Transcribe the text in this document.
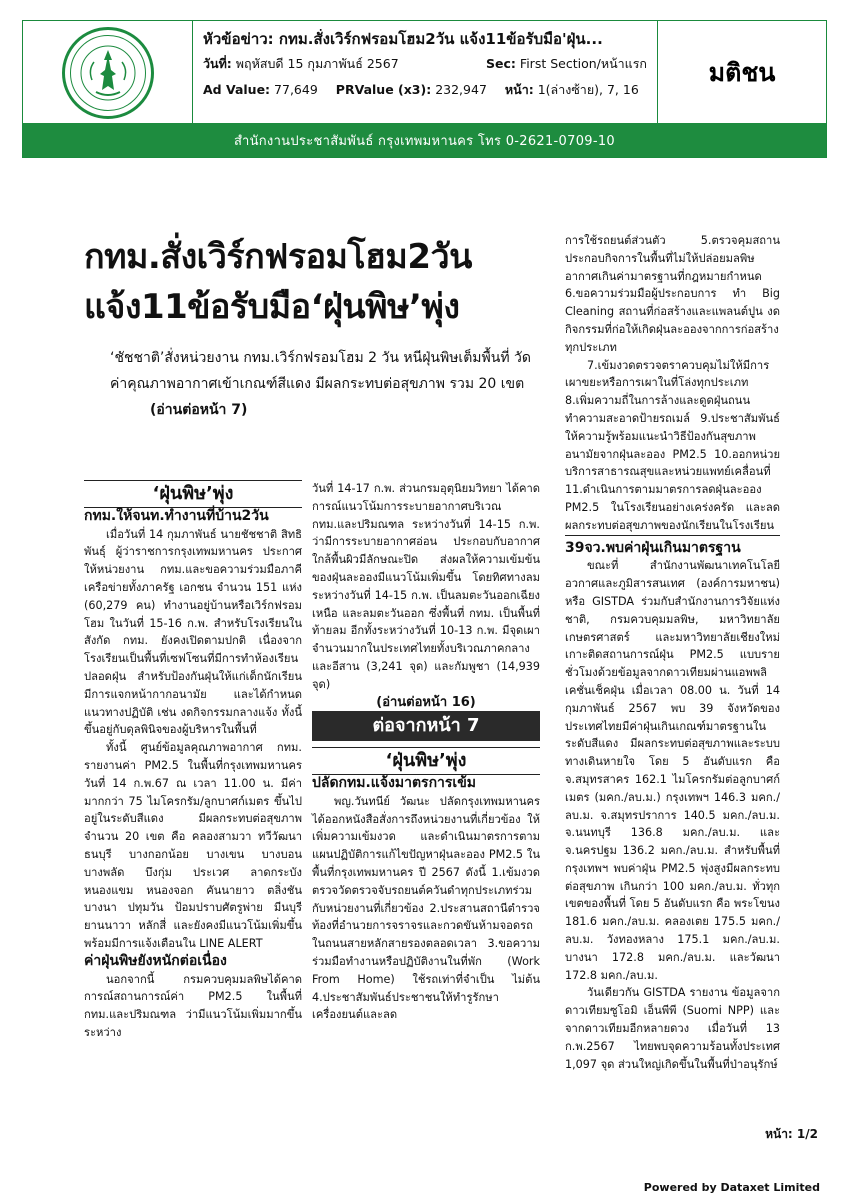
หัวข้อข่าว: กทม.สั่งเวิร์กฟรอมโฮม2วัน แจ้ง11ข้อรับมือ'ฝุ่น...
วันที่: พฤหัสบดี 15 กุมภาพันธ์ 2567	Sec: First Section/หน้าแรก
Ad Value: 77,649 PRValue (x3): 232,947 หน้า: 1(ล่างซ้าย), 7, 16
มติชน
สำนักงานประชาสัมพันธ์ กรุงเทพมหานคร โทร 0-2621-0709-10
กทม.สั่งเวิร์กฟรอมโฮม2วัน
แจ้ง11ข้อรับมือ‘ฝุ่นพิษ’พุ่ง
‘ชัชชาติ’สั่งหน่วยงาน กทม.เวิร์กฟรอมโฮม 2 วัน หนีฝุ่นพิษเต็มพื้นที่ วัดค่าคุณภาพอากาศเข้าเกณฑ์สีแดง มีผลกระทบต่อสุขภาพ รวม 20 เขต (อ่านต่อหน้า 7)
‘ฝุ่นพิษ’พุ่ง

กทม.ให้จนท.ทำงานที่บ้าน2วัน

เมื่อวันที่ 14 กุมภาพันธ์ นายชัชชาติ สิทธิพันธุ์ ผู้ว่าราชการกรุงเทพมหานคร ประกาศให้หน่วยงาน กทม.และขอความร่วมมือภาคีเครือข่ายทั้งภาครัฐ เอกชน จำนวน 151 แห่ง (60,279 คน) ทำงานอยู่บ้านหรือเวิร์กฟรอมโฮม ในวันที่ 15-16 ก.พ. สำหรับโรงเรียนในสังกัด กทม. ยังคงเปิดตามปกติ เนื่องจากโรงเรียนเป็นพื้นที่เซฟโซนที่มีการทำห้องเรียนปลอดฝุ่น สำหรับป้องกันฝุ่นให้แก่เด็กนักเรียน มีการแจกหน้ากากอนามัย และได้กำหนดแนวทางปฏิบัติ เช่น งดกิจกรรมกลางแจ้ง ทั้งนี้ ขึ้นอยู่กับดุลพินิจของผู้บริหารในพื้นที่

ทั้งนี้ ศูนย์ข้อมูลคุณภาพอากาศ กทม. รายงานค่า PM2.5 ในพื้นที่กรุงเทพมหานคร วันที่ 14 ก.พ.67 ณ เวลา 11.00 น. มีค่ามากกว่า 75 ไมโครกรัม/ลูกบาศก์เมตร ขึ้นไป อยู่ในระดับสีแดง มีผลกระทบต่อสุขภาพ จำนวน 20 เขต คือ คลองสามวา ทวีวัฒนา ธนบุรี บางกอกน้อย บางเขน บางบอน บางพลัด บึงกุ่ม ประเวศ ลาดกระบัง หนองแขม หนองจอก คันนายาว ตลิ่งชัน บางนา ปทุมวัน ป้อมปราบศัตรูพ่าย มีนบุรี ยานนาวา หลักสี่ และยังคงมีแนวโน้มเพิ่มขึ้น พร้อมมีการแจ้งเตือนใน LINE ALERT

ค่าฝุ่นพิษยังหนักต่อเนื่อง

นอกจากนี้ กรมควบคุมมลพิษได้คาดการณ์สถานการณ์ค่า PM2.5 ในพื้นที่ กทม.และปริมณฑล ว่ามีแนวโน้มเพิ่มมากขึ้นระหว่าง

วันที่ 14-17 ก.พ. ส่วนกรมอุตุนิยมวิทยา ได้คาดการณ์แนวโน้มการระบายอากาศบริเวณ กทม.และปริมณฑล ระหว่างวันที่ 14-15 ก.พ. ว่ามีการระบายอากาศอ่อน ประกอบกับอากาศใกล้พื้นผิวมีลักษณะปิด ส่งผลให้ความเข้มข้นของฝุ่นละอองมีแนวโน้มเพิ่มขึ้น โดยทิศทางลมระหว่างวันที่ 14-15 ก.พ. เป็นลมตะวันออกเฉียงเหนือ และลมตะวันออก ซึ่งพื้นที่ กทม. เป็นพื้นที่ท้ายลม อีกทั้งระหว่างวันที่ 10-13 ก.พ. มีจุดเผาจำนวนมากในประเทศไทยทั้งบริเวณภาคกลางและอีสาน (3,241 จุด) และกัมพูชา (14,939 จุด)

(อ่านต่อหน้า 16)

ต่อจากหน้า 7
‘ฝุ่นพิษ’พุ่ง

ปลัดกทม.แจ้งมาตรการเข้ม

พญ.วันทนีย์ วัฒนะ ปลัดกรุงเทพมหานคร ได้ออกหนังสือสั่งการถึงหน่วยงานที่เกี่ยวข้อง ให้เพิ่มความเข้มงวด และดำเนินมาตรการตามแผนปฏิบัติการแก้ไขปัญหาฝุ่นละออง PM2.5 ในพื้นที่กรุงเทพมหานคร ปี 2567 ดังนี้ 1.เข้มงวดตรวจวัดตรวจจับรถยนต์ควันดำทุกประเภทร่วมกับหน่วยงานที่เกี่ยวข้อง 2.ประสานสถานีตำรวจท้องที่อำนวยการจราจรและกวดขันห้ามจอดรถในถนนสายหลักสายรองตลอดเวลา 3.ขอความร่วมมือทำงานหรือปฏิบัติงานในที่พัก (Work From Home) ใช้รถเท่าที่จำเป็น ไม่ต้น 4.ประชาสัมพันธ์ประชาชนให้ทำรูรักษาเครื่องยนต์และลด

การใช้รถยนต์ส่วนตัว 5.ตรวจคุมสถานประกอบกิจการในพื้นที่ไม่ให้ปล่อยมลพิษอากาศเกินค่ามาตรฐานที่กฎหมายกำหนด 6.ขอความร่วมมือผู้ประกอบการ ทำ Big Cleaning สถานที่ก่อสร้างและแพลนต์ปูน งดกิจกรรมที่ก่อให้เกิดฝุ่นละอองจากการก่อสร้างทุกประเภท

7.เข้มงวดตรวจตราควบคุมไม่ให้มีการเผาขยะหรือการเผาในที่โล่งทุกประเภท 8.เพิ่มความถี่ในการล้างและดูดฝุ่นถนน ทำความสะอาดป้ายรถเมล์ 9.ประชาสัมพันธ์ให้ความรู้พร้อมแนะนำวิธีป้องกันสุขภาพอนามัยจากฝุ่นละออง PM2.5 10.ออกหน่วยบริการสาธารณสุขและหน่วยแพทย์เคลื่อนที่ 11.ดำเนินการตามมาตรการลดฝุ่นละออง PM2.5 ในโรงเรียนอย่างเคร่งครัด และลดผลกระทบต่อสุขภาพของนักเรียนในโรงเรียน

39จว.พบค่าฝุ่นเกินมาตรฐาน

ขณะที่ สำนักงานพัฒนาเทคโนโลยีอวกาศและภูมิสารสนเทศ (องค์การมหาชน) หรือ GISTDA ร่วมกับสำนักงานการวิจัยแห่งชาติ, กรมควบคุมมลพิษ, มหาวิทยาลัยเกษตรศาสตร์ และมหาวิทยาลัยเชียงใหม่ เกาะติดสถานการณ์ฝุ่น PM2.5 แบบรายชั่วโมงด้วยข้อมูลจากดาวเทียมผ่านแอพพลิเคชั่นเช็คฝุ่น เมื่อเวลา 08.00 น. วันที่ 14 กุมภาพันธ์ 2567 พบ 39 จังหวัดของประเทศไทยมีค่าฝุ่นเกินเกณฑ์มาตรฐานในระดับสีแดง มีผลกระทบต่อสุขภาพและระบบทางเดินหายใจ โดย 5 อันดับแรก คือ จ.สมุทรสาคร 162.1 ไมโครกรัมต่อลูกบาศก์เมตร (มคก./ลบ.ม.) กรุงเทพฯ 146.3 มคก./ลบ.ม. จ.สมุทรปราการ 140.5 มคก./ลบ.ม. จ.นนทบุรี 136.8 มคก./ลบ.ม. และ จ.นครปฐม 136.2 มคก./ลบ.ม. สำหรับพื้นที่กรุงเทพฯ พบค่าฝุ่น PM2.5 พุ่งสูงมีผลกระทบต่อสุขภาพ เกินกว่า 100 มคก./ลบ.ม. ทั่วทุกเขตของพื้นที่ โดย 5 อันดับแรก คือ พระโขนง 181.6 มคก./ลบ.ม. คลองเตย 175.5 มคก./ลบ.ม. วังทองหลาง 175.1 มคก./ลบ.ม. บางนา 172.8 มคก./ลบ.ม. และวัฒนา 172.8 มคก./ลบ.ม.

วันเดียวกัน GISTDA รายงาน ข้อมูลจากดาวเทียมซูโอมิ เอ็นพีพี (Suomi NPP) และจากดาวเทียมอีกหลายดวง เมื่อวันที่ 13 ก.พ.2567 ไทยพบจุดความร้อนทั้งประเทศ 1,097 จุด ส่วนใหญ่เกิดขึ้นในพื้นที่ป่าอนุรักษ์

หน้า: 1/2
Powered by Dataxet Limited
